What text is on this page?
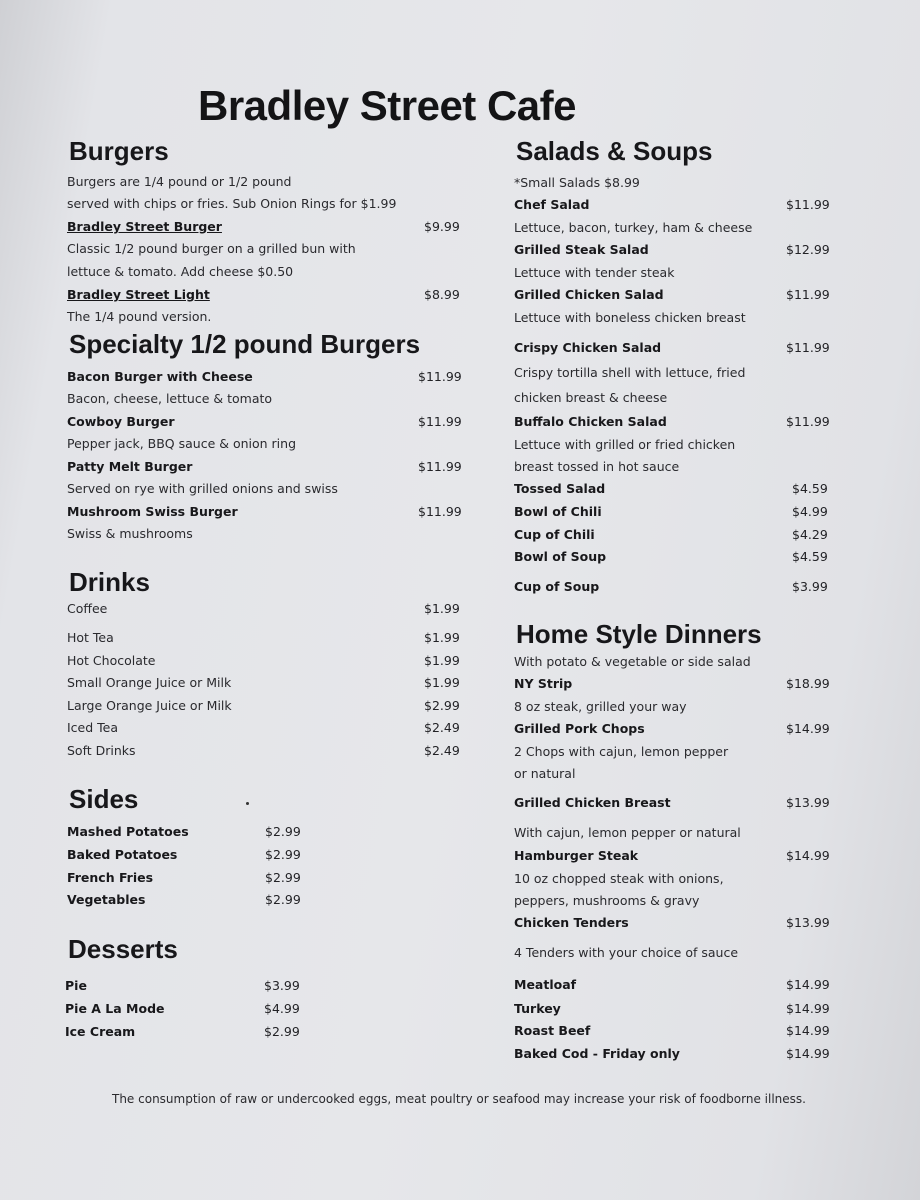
Bradley Street Cafe
Burgers
Burgers are 1/4 pound or 1/2 pound
served with chips or fries. Sub Onion Rings for $1.99
Bradley Street Burger	$9.99
Classic 1/2 pound burger on a grilled bun with
lettuce & tomato. Add cheese $0.50
Bradley Street Light	$8.99
The 1/4 pound version.
Specialty 1/2 pound Burgers
Bacon Burger with Cheese	$11.99
Bacon, cheese, lettuce & tomato
Cowboy Burger	$11.99
Pepper jack, BBQ sauce & onion ring
Patty Melt Burger	$11.99
Served on rye with grilled onions and swiss
Mushroom Swiss Burger	$11.99
Swiss & mushrooms
Drinks
Coffee	$1.99
Hot Tea	$1.99
Hot Chocolate	$1.99
Small Orange Juice or Milk	$1.99
Large Orange Juice or Milk	$2.99
Iced Tea	$2.49
Soft Drinks	$2.49
Sides
Mashed Potatoes	$2.99
Baked Potatoes	$2.99
French Fries	$2.99
Vegetables	$2.99
Desserts
Pie	$3.99
Pie A La Mode	$4.99
Ice Cream	$2.99
Salads & Soups
*Small Salads $8.99
Chef Salad	$11.99
Lettuce, bacon, turkey, ham & cheese
Grilled Steak Salad	$12.99
Lettuce with tender steak
Grilled Chicken Salad	$11.99
Lettuce with boneless chicken breast
Crispy Chicken Salad	$11.99
Crispy tortilla shell with lettuce, fried
chicken breast & cheese
Buffalo Chicken Salad	$11.99
Lettuce with grilled or fried chicken
breast tossed in hot sauce
Tossed Salad	$4.59
Bowl of Chili	$4.99
Cup of Chili	$4.29
Bowl of Soup	$4.59
Cup of Soup	$3.99
Home Style Dinners
With potato & vegetable or side salad
NY Strip	$18.99
8 oz steak, grilled your way
Grilled Pork Chops	$14.99
2 Chops with cajun, lemon pepper
or natural
Grilled Chicken Breast	$13.99
With cajun, lemon pepper or natural
Hamburger Steak	$14.99
10 oz chopped steak with onions,
peppers, mushrooms & gravy
Chicken Tenders	$13.99
4 Tenders with your choice of sauce
Meatloaf	$14.99
Turkey	$14.99
Roast Beef	$14.99
Baked Cod - Friday only	$14.99
The consumption of raw or undercooked eggs, meat poultry or seafood may increase your risk of foodborne illness.
